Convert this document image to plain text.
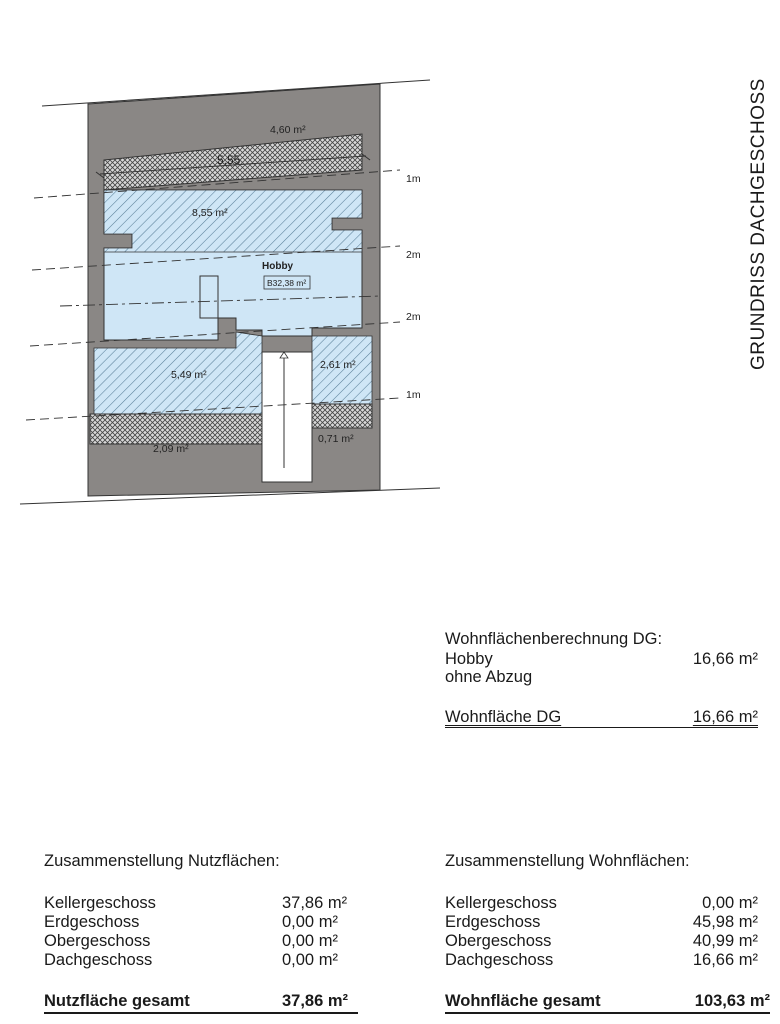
4,60 m²
5,55
8,55 m²
Hobby
B32,38 m²
5,49 m²
2,61 m²
2,09 m²
0,71 m²
1m
2m
2m
1m
GRUNDRISS DACHGESCHOSS
Wohnflächenberechnung DG:
Hobby	16,66 m²
ohne Abzug
Wohnfläche DG	16,66 m²
Zusammenstellung Nutzflächen:
Kellergeschoss	37,86 m²
Erdgeschoss	0,00 m²
Obergeschoss	0,00 m²
Dachgeschoss	0,00 m²
Nutzfläche gesamt	37,86 m²
Zusammenstellung Wohnflächen:
Kellergeschoss	0,00 m²
Erdgeschoss	45,98 m²
Obergeschoss	40,99 m²
Dachgeschoss	16,66 m²
Wohnfläche gesamt	103,63 m²
